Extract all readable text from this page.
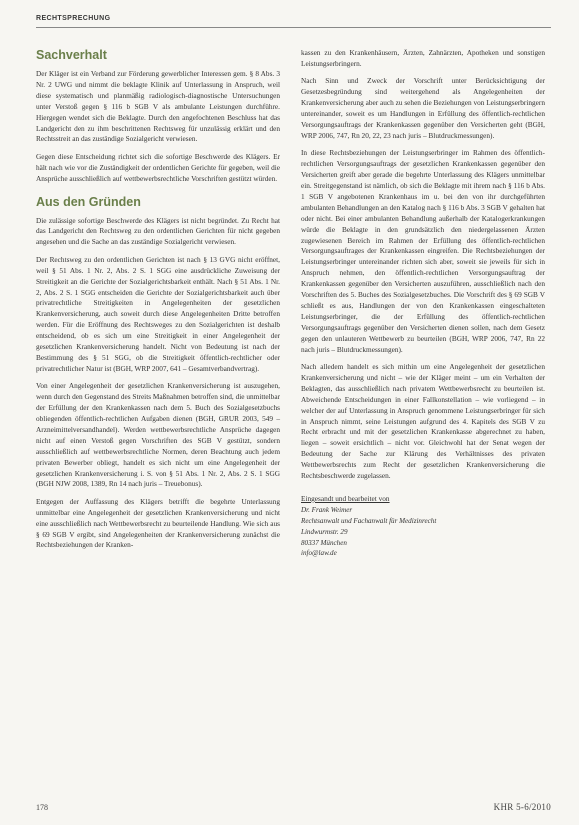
RECHTSPRECHUNG
Sachverhalt

Der Kläger ist ein Verband zur Förderung gewerblicher Interessen gem. § 8 Abs. 3 Nr. 2 UWG und nimmt die beklagte Klinik auf Unterlassung in Anspruch, weil diese systematisch und planmäßig radiologisch-diagnostische Untersuchungen unter Verstoß gegen § 116 b SGB V als ambulante Leistungen durchführe. Hiergegen wendet sich die Beklagte. Durch den angefochtenen Beschluss hat das Landgericht den zu ihm beschrittenen Rechtsweg für unzulässig erklärt und den Rechtsstreit an das zuständige Sozialgericht verwiesen.

Gegen diese Entscheidung richtet sich die sofortige Beschwerde des Klägers. Er hält nach wie vor die Zuständigkeit der ordentlichen Gerichte für gegeben, weil die Ansprüche ausschließlich auf wettbewerbsrechtliche Vorschriften gestützt würden.

Aus den Gründen

Die zulässige sofortige Beschwerde des Klägers ist nicht begründet. Zu Recht hat das Landgericht den Rechtsweg zu den ordentlichen Gerichten für nicht gegeben angesehen und die Sache an das zuständige Sozialgericht verwiesen.

Der Rechtsweg zu den ordentlichen Gerichten ist nach § 13 GVG nicht eröffnet, weil § 51 Abs. 1 Nr. 2, Abs. 2 S. 1 SGG eine ausdrückliche Zuweisung der Streitigkeit an die Gerichte der Sozialgerichtsbarkeit enthält. Nach § 51 Abs. 1 Nr. 2, Abs. 2 S. 1 SGG entscheiden die Gerichte der Sozialgerichtsbarkeit auch über privatrechtliche Streitigkeiten in Angelegenheiten der gesetzlichen Krankenversicherung, auch soweit durch diese Angelegenheiten Dritte betroffen werden. Für die Eröffnung des Rechtsweges zu den Sozialgerichten ist deshalb entscheidend, ob es sich um eine Streitigkeit in einer Angelegenheit der gesetzlichen Krankenversicherung handelt. Nicht von Bedeutung ist nach der Bestimmung des § 51 SGG, ob die Streitigkeit öffentlich-rechtlicher oder privatrechtlicher Natur ist (BGH, WRP 2007, 641 – Gesamtverbandvertrag).

Von einer Angelegenheit der gesetzlichen Krankenversicherung ist auszugehen, wenn durch den Gegenstand des Streits Maßnahmen betroffen sind, die unmittelbar der Erfüllung der den Krankenkassen nach dem 5. Buch des Sozialgesetzbuchs obliegenden öffentlich-rechtlichen Aufgaben dienen (BGH, GRUR 2003, 549 – Arzneimittelversandhandel). Werden wettbewerbsrechtliche Ansprüche dagegen nicht auf einen Verstoß gegen Vorschriften des SGB V gestützt, sondern ausschließlich auf wettbewerbsrechtliche Normen, deren Beachtung auch jedem privaten Bewerber obliegt, handelt es sich nicht um eine Angelegenheit der gesetzlichen Krankenversicherung i. S. von § 51 Abs. 1 Nr. 2, Abs. 2 S. 1 SGG (BGH NJW 2008, 1389, Rn 14 nach juris – Treuebonus).

Entgegen der Auffassung des Klägers betrifft die begehrte Unterlassung unmittelbar eine Angelegenheit der gesetzlichen Krankenversicherung und nicht eine ausschließlich nach Wettbewerbsrecht zu beurteilende Handlung. Wie sich aus § 69 SGB V ergibt, sind Angelegenheiten der Krankenversicherung zunächst die Rechtsbeziehungen der Kranken-

kassen zu den Krankenhäusern, Ärzten, Zahnärzten, Apotheken und sonstigen Leistungserbringern.

Nach Sinn und Zweck der Vorschrift unter Berücksichtigung der Gesetzesbegründung sind weitergehend als Angelegenheiten der Krankenversicherung aber auch zu sehen die Beziehungen von Leistungserbringern untereinander, soweit es um Handlungen in Erfüllung des öffentlich-rechtlichen Versorgungsauftrags der Krankenkassen gegenüber den Versicherten geht (BGH, WRP 2006, 747, Rn 20, 22, 23 nach juris – Blutdruckmessungen).

In diese Rechtsbeziehungen der Leistungserbringer im Rahmen des öffentlich-rechtlichen Versorgungsauftrags der gesetzlichen Krankenkassen gegenüber den Versicherten greift aber gerade die begehrte Unterlassung des Klägers unmittelbar ein. Streitgegenstand ist nämlich, ob sich die Beklagte mit ihrem nach § 116 b Abs. 1 SGB V angebotenen Krankenhaus im u. bei den von ihr durchgeführten ambulanten Behandlungen an den Katalog nach § 116 b Abs. 3 SGB V gehalten hat oder nicht. Bei einer ambulanten Behandlung außerhalb der Katalogerkrankungen würde die Beklagte in den grundsätzlich den niedergelassenen Ärzten zugewiesenen Bereich im Rahmen der Erfüllung des öffentlich-rechtlichen Versorgungsauftrages der Krankenkassen eingreifen. Die Rechtsbeziehungen der Leistungserbringer untereinander richten sich aber, soweit sie jeweils für sich in Anspruch nehmen, den öffentlich-rechtlichen Versorgungsauftrag der Krankenkassen gegenüber den Versicherten auszuführen, ausschließlich nach den Vorschriften des 5. Buches des Sozialgesetzbuches. Die Vorschrift des § 69 SGB V schließt es aus, Handlungen der von den Krankenkassen eingeschalteten Leistungserbringer, die der Erfüllung des öffentlich-rechtlichen Versorgungsauftrags gegenüber den Versicherten dienen sollen, nach dem Gesetz gegen den unlauteren Wettbewerb zu beurteilen (BGH, WRP 2006, 747, Rn 22 nach juris – Blutdruckmessungen).

Nach alledem handelt es sich mithin um eine Angelegenheit der gesetzlichen Krankenversicherung und nicht – wie der Kläger meint – um ein Verhalten der Beklagten, das ausschließlich nach privatem Wettbewerbsrecht zu beurteilen ist. Abweichende Entscheidungen in einer Fallkonstellation – wie vorliegend – in welcher der auf Unterlassung in Anspruch genommene Leistungserbringer für sich in Anspruch nimmt, seine Leistungen aufgrund des 4. Kapitels des SGB V zu Recht erbracht und mit der gesetzlichen Krankenkasse abgerechnet zu haben, liegen – soweit ersichtlich – nicht vor. Gleichwohl hat der Senat wegen der Bedeutung der Sache zur Klärung des Verhältnisses des privaten Wettbewerbsrechts zum Recht der gesetzlichen Krankenversicherung die Rechtsbeschwerde zugelassen.

Eingesandt und bearbeitet von
Dr. Frank Weimer
Rechtsanwalt und Fachanwalt für Medizinrecht
Lindwurmstr. 29
80337 München
info@law.de
178	KHR 5-6/2010
